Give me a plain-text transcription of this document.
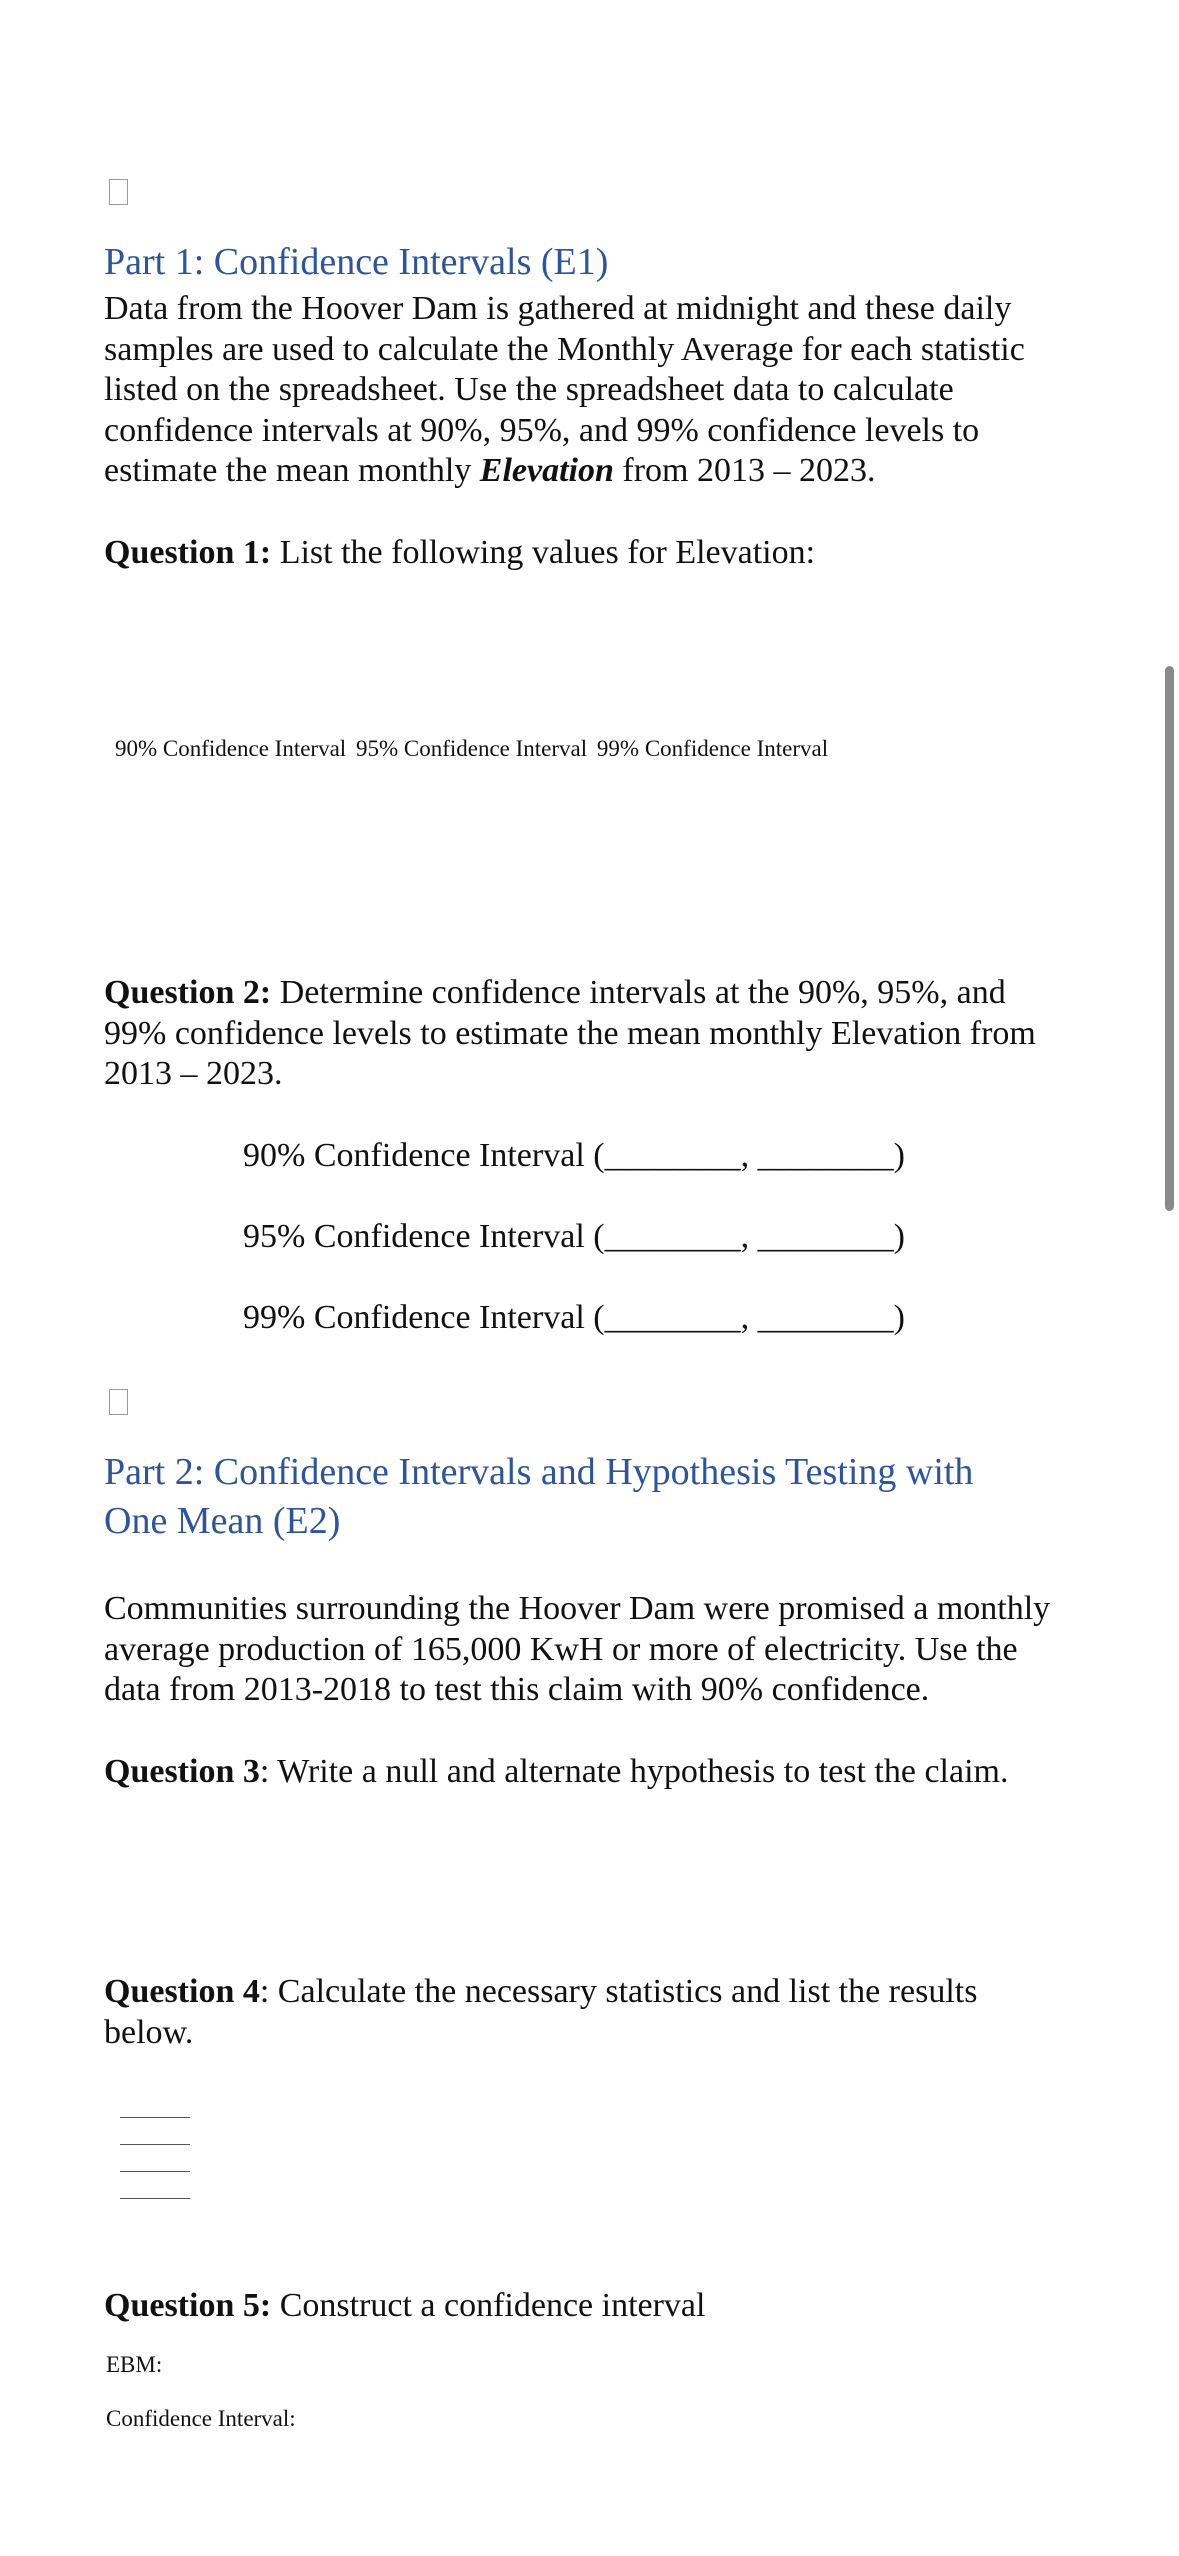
Part 1: Confidence Intervals (E1)
Data from the Hoover Dam is gathered at midnight and these daily
samples are used to calculate the Monthly Average for each statistic
listed on the spreadsheet. Use the spreadsheet data to calculate
confidence intervals at 90%, 95%, and 99% confidence levels to
estimate the mean monthly Elevation from 2013 – 2023.
Question 1: List the following values for Elevation:
90% Confidence Interval 95% Confidence Interval 99% Confidence Interval
Question 2: Determine confidence intervals at the 90%, 95%, and
99% confidence levels to estimate the mean monthly Elevation from
2013 – 2023.
90% Confidence Interval (________, ________)
95% Confidence Interval (________, ________)
99% Confidence Interval (________, ________)
Part 2: Confidence Intervals and Hypothesis Testing with
One Mean (E2)
Communities surrounding the Hoover Dam were promised a monthly
average production of 165,000 KwH or more of electricity. Use the
data from 2013-2018 to test this claim with 90% confidence.
Question 3: Write a null and alternate hypothesis to test the claim.
Question 4: Calculate the necessary statistics and list the results
below.
Question 5: Construct a confidence interval
EBM:
Confidence Interval:
